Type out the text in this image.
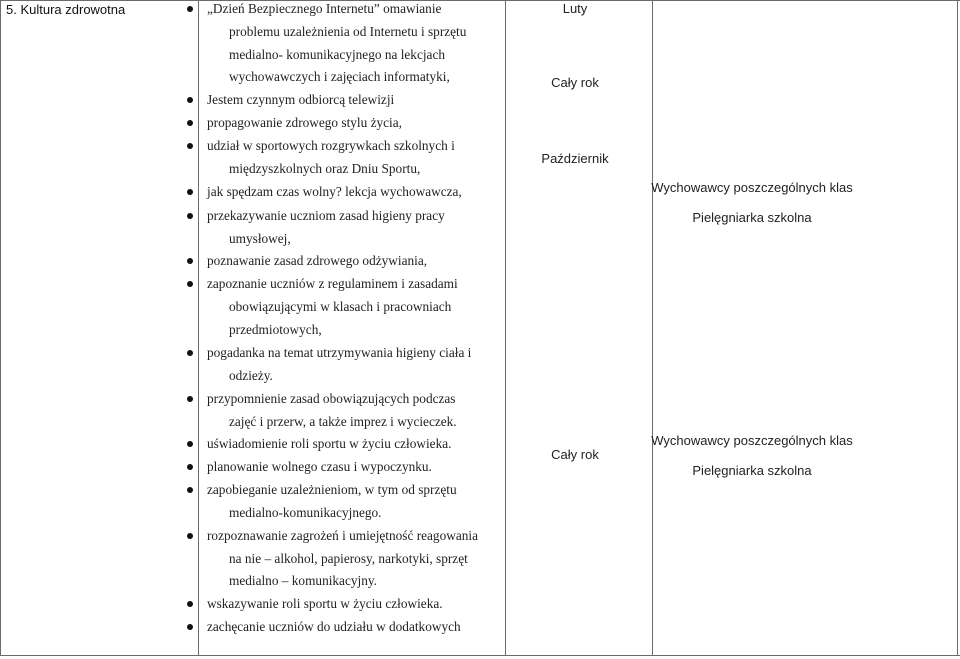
5. Kultura zdrowotna	„Dzień Bezpiecznego Internetu” omawianie
problemu uzależnienia od Internetu i sprzętu
medialno- komunikacyjnego na lekcjach
wychowawczych i zajęciach informatyki,
Jestem czynnym odbiorcą telewizji
propagowanie zdrowego stylu życia,
udział w sportowych rozgrywkach szkolnych i
międzyszkolnych oraz Dniu Sportu,
jak spędzam czas wolny? lekcja wychowawcza,
przekazywanie uczniom zasad higieny pracy
umysłowej,
poznawanie zasad zdrowego odżywiania,
zapoznanie uczniów z regulaminem i zasadami
obowiązującymi w klasach i pracowniach
przedmiotowych,
pogadanka na temat utrzymywania higieny ciała i
odzieży.
przypomnienie zasad obowiązujących podczas
zajęć i przerw, a także imprez i wycieczek.
uświadomienie roli sportu w życiu człowieka.
planowanie wolnego czasu i wypoczynku.
zapobieganie uzależnieniom, w tym od sprzętu
medialno-komunikacyjnego.
rozpoznawanie zagrożeń i umiejętność reagowania
na nie – alkohol, papierosy, narkotyki, sprzęt
medialno – komunikacyjny.
wskazywanie roli sportu w życiu człowieka.
zachęcanie uczniów do udziału w dodatkowych
Luty
Cały rok
Październik
Cały rok
Wychowawcy poszczególnych klas
Pielęgniarka szkolna
Wychowawcy poszczególnych klas
Pielęgniarka szkolna
